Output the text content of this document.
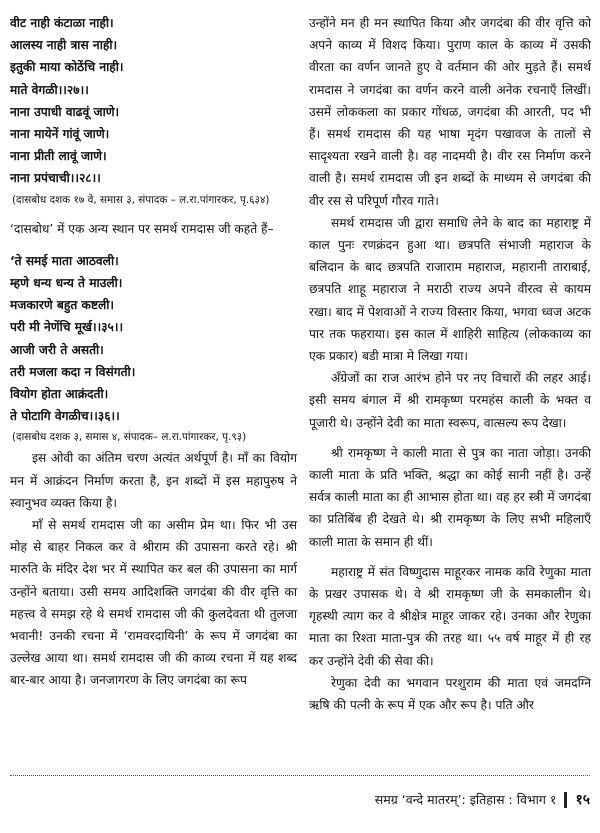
वीट नाही कंटाळा नाही।
आलस्य नाही त्रास नाही।
इतुकी माया कोठेंचि नाही।
माते वेगळी।।२७।।
नाना उपाधी वाढवूं जाणे।
नाना मायेनें गांवूं जाणे।
नाना प्रीती लावूं जाणे।
नाना प्रपंचाची।।२८।।
(दासबोध दशक १७ वे, समास ३, संपादक – ल.रा.पांगारकर, पृ.६३४)

‘दासबोध’ में एक अन्य स्थान पर समर्थ रामदास जी कहते हैं–

‘ते समई माता आठवली।
म्हणे धन्य धन्य ते माउली।
मजकारणे बहुत कष्टली।
परी मी नेणेंचि मूर्ख।।३५।।
आजी जरी ते असती।
तरी मजला कदा न विसंगती।
वियोग होता आक्रंदती।
ते पोटागि वेगळीच।।३६।।
(दासबोध दशक ३, समास ४, संपादक– ल.रा.पांगारकर, पृ.९३)

इस ओवी का अंतिम चरण अत्यंत अर्थपूर्ण है। माँ का वियोग मन में आक्रंदन निर्माण करता है, इन शब्दों में इस महापुरुष ने स्वानुभव व्यक्त किया है।

माँ से समर्थ रामदास जी का असीम प्रेम था। फिर भी उस मोह से बाहर निकल कर वे श्रीराम की उपासना करते रहे। श्री मारुति के मंदिर देश भर में स्थापित कर बल की उपासना का मार्ग उन्होंने बताया। उसी समय आदिशक्ति जगदंबा की वीर वृत्ति का महत्त्व वे समझ रहे थे समर्थ रामदास जी की कुलदेवता थी तुलजा भवानी! उनकी रचना में ‘रामवरदायिनी’ के रूप में जगदंबा का उल्लेख आया था। समर्थ रामदास जी की काव्य रचना में यह शब्द बार-बार आया है। जनजागरण के लिए जगदंबा का रूप

उन्होंने मन ही मन स्थापित किया और जगदंबा की वीर वृत्ति को अपने काव्य में विशद किया। पुराण काल के काव्य में उसकी वीरता का वर्णन जानते हुए वे वर्तमान की ओर मुड़ते हैं। समर्थ रामदास ने जगदंबा का वर्णन करने वाली अनेक रचनाएँ लिखीं। उसमें लोककला का प्रकार गोंधळ, जगदंबा की आरती, पद भी हैं। समर्थ रामदास की यह भाषा मृदंग पखावज के तालों से सादृश्यता रखने वाली है। वह नादमयी है। वीर रस निर्माण करने वाली है। समर्थ रामदास जी इन शब्दों के माध्यम से जगदंबा की वीर रस से परिपूर्ण गौरव गाते।

समर्थ रामदास जी द्वारा समाधि लेने के बाद का महाराष्ट्र में काल पुनः रणक्रंदन हुआ था। छत्रपति संभाजी महाराज के बलिदान के बाद छत्रपति राजाराम महाराज, महारानी ताराबाई, छत्रपति शाहू महाराज ने मराठी राज्य अपने वीरत्व से कायम रखा। बाद में पेशवाओं ने राज्य विस्तार किया, भगवा ध्वज अटक पार तक फहराया। इस काल में शाहिरी साहित्य (लोककाव्य का एक प्रकार) बडी मात्रा मे लिखा गया।

अँग्रेजों का राज आरंभ होने पर नए विचारों की लहर आई। इसी समय बंगाल में श्री रामकृष्ण परमहंस काली के भक्त व पूजारी थे। उन्होंने देवी का माता स्वरूप, वात्सल्य रूप देखा।

श्री रामकृष्ण ने काली माता से पुत्र का नाता जोड़ा। उनकी काली माता के प्रति भक्ति, श्रद्धा का कोई सानी नहीं है। उन्हें सर्वत्र काली माता का ही आभास होता था। वह हर स्त्री में जगदंबा का प्रतिबिंब ही देखते थे। श्री रामकृष्ण के लिए सभी महिलाएँ काली माता के समान ही थीं।

महाराष्ट्र में संत विष्णुदास माहूरकर नामक कवि रेणुका माता के प्रखर उपासक थे। वे श्री रामकृष्ण जी के समकालीन थे। गृहस्थी त्याग कर वे श्रीक्षेत्र माहूर जाकर रहे। उनका और रेणुका माता का रिश्ता माता-पुत्र की तरह था। ५५ वर्ष माहूर में ही रह कर उन्होंने देवी की सेवा की।

रेणुका देवी का भगवान परशुराम की माता एवं जमदग्नि ऋषि की पत्नी के रूप में एक और रूप है। पति और

समग्र ‘वन्दे मातरम्’: इतिहास : विभाग १ १५
